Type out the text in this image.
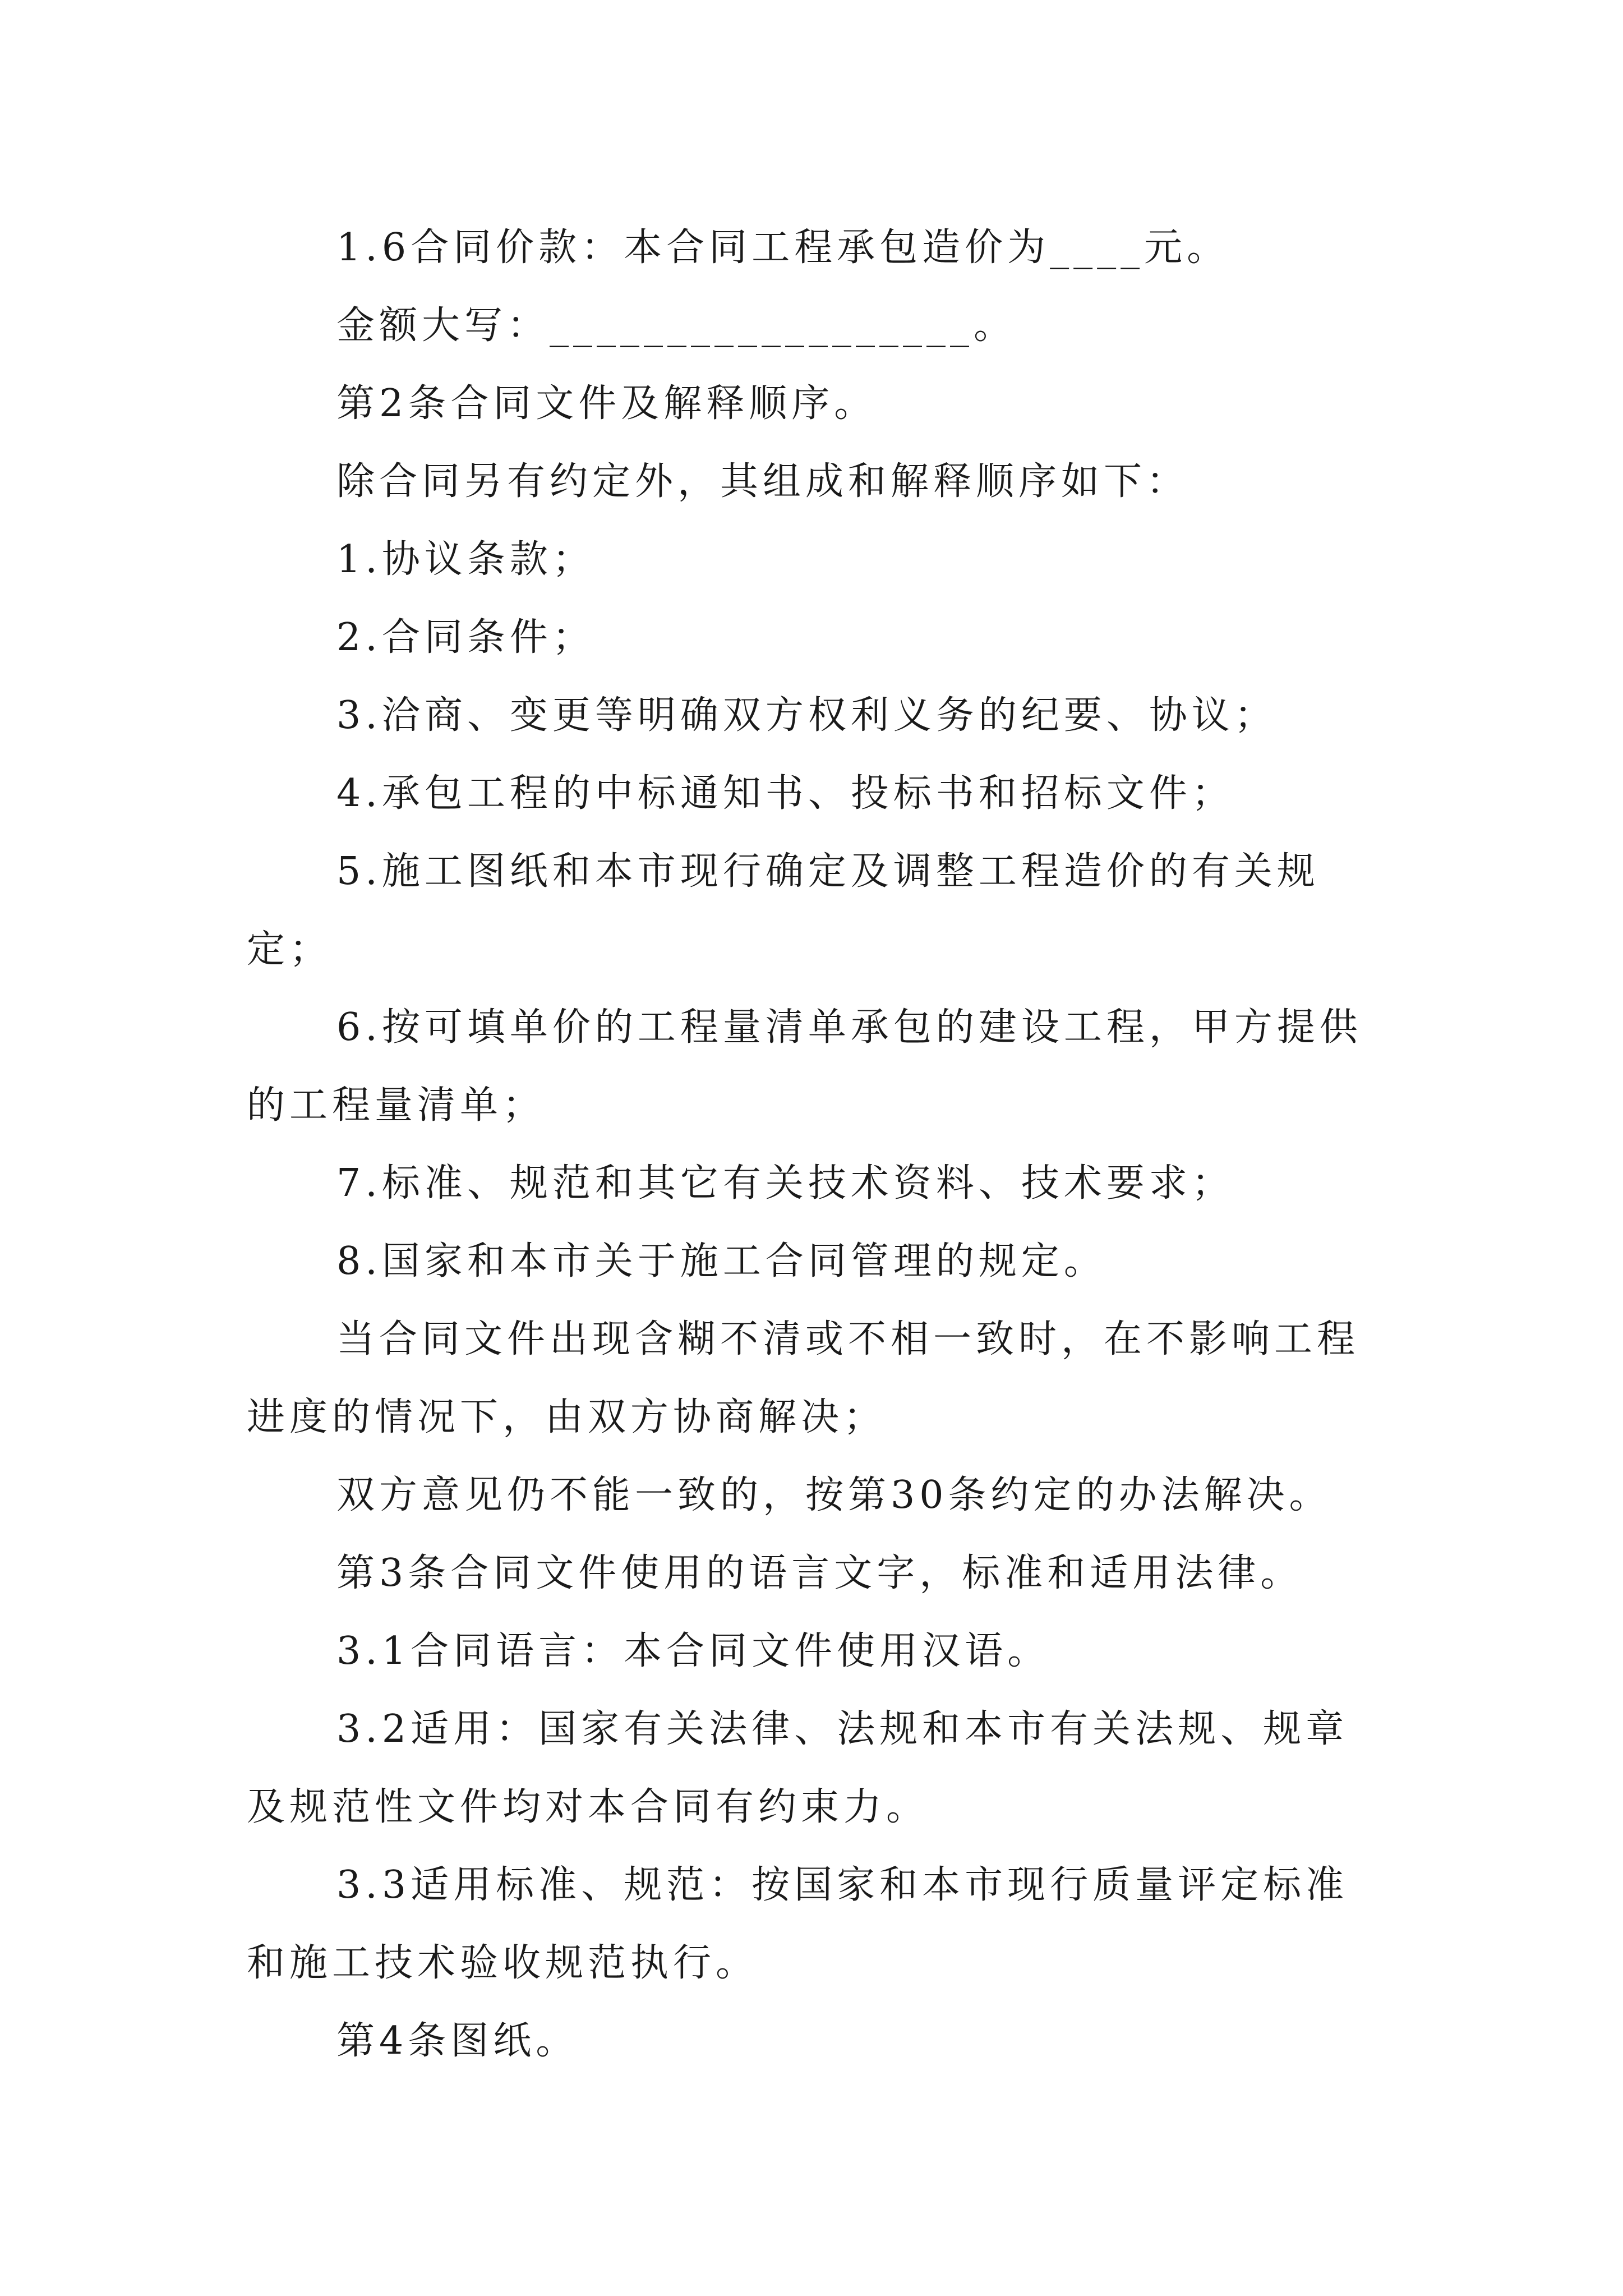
1.6合同价款：本合同工程承包造价为____元。

金额大写：__________________。

第2条合同文件及解释顺序。

除合同另有约定外，其组成和解释顺序如下：

1.协议条款；

2.合同条件；

3.洽商、变更等明确双方权利义务的纪要、协议；

4.承包工程的中标通知书、投标书和招标文件；

5.施工图纸和本市现行确定及调整工程造价的有关规定；

6.按可填单价的工程量清单承包的建设工程，甲方提供的工程量清单；

7.标准、规范和其它有关技术资料、技术要求；

8.国家和本市关于施工合同管理的规定。

当合同文件出现含糊不清或不相一致时，在不影响工程进度的情况下，由双方协商解决；

双方意见仍不能一致的，按第30条约定的办法解决。

第3条合同文件使用的语言文字，标准和适用法律。

3.1合同语言：本合同文件使用汉语。

3.2适用：国家有关法律、法规和本市有关法规、规章及规范性文件均对本合同有约束力。

3.3适用标准、规范：按国家和本市现行质量评定标准和施工技术验收规范执行。

第4条图纸。
